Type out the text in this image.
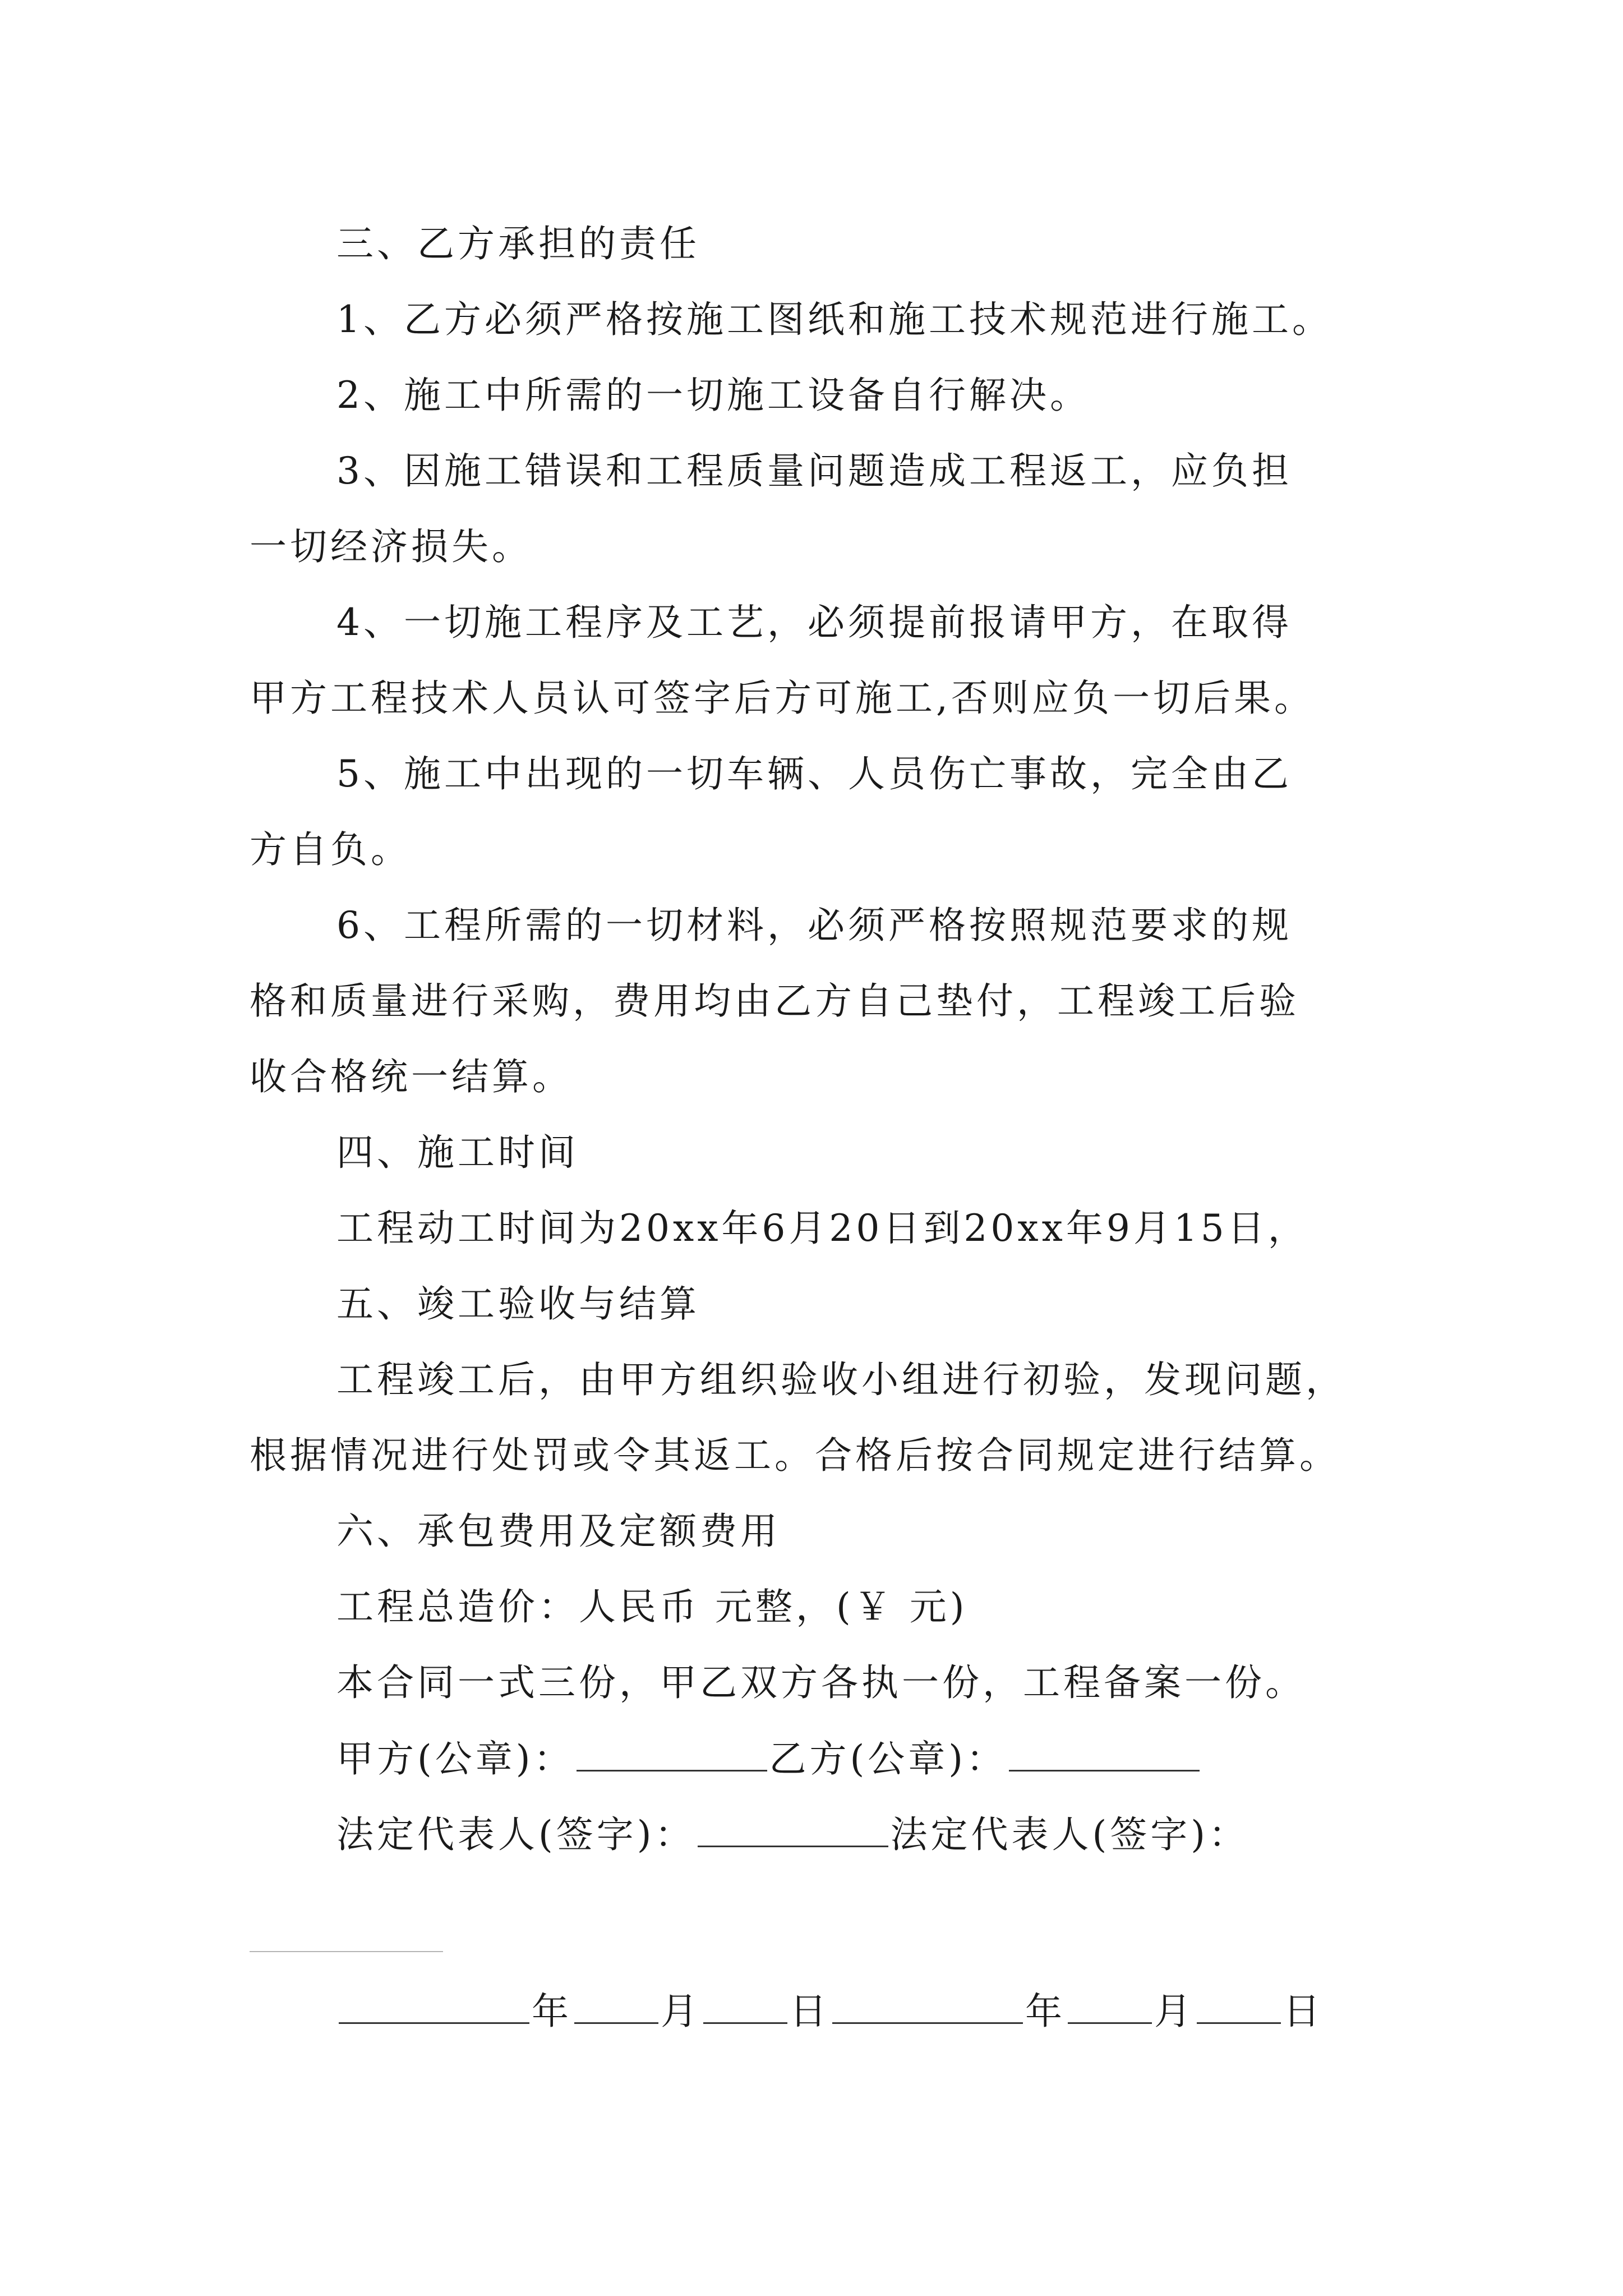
三、乙方承担的责任
1、乙方必须严格按施工图纸和施工技术规范进行施工。
2、施工中所需的一切施工设备自行解决。
3、因施工错误和工程质量问题造成工程返工，应负担
一切经济损失。
4、一切施工程序及工艺，必须提前报请甲方，在取得
甲方工程技术人员认可签字后方可施工,否则应负一切后果。
5、施工中出现的一切车辆、人员伤亡事故，完全由乙
方自负。
6、工程所需的一切材料，必须严格按照规范要求的规
格和质量进行采购，费用均由乙方自己垫付，工程竣工后验
收合格统一结算。
四、施工时间
工程动工时间为20xx年6月20日到20xx年9月15日，
五、竣工验收与结算
工程竣工后，由甲方组织验收小组进行初验，发现问题，
根据情况进行处罚或令其返工。合格后按合同规定进行结算。
六、承包费用及定额费用
工程总造价：人民币 元整，(￥ 元)
本合同一式三份，甲乙双方各执一份，工程备案一份。
甲方(公章)：	乙方(公章)：
法定代表人(签字)：	法定代表人(签字)：
年 月 日	年 月 日
